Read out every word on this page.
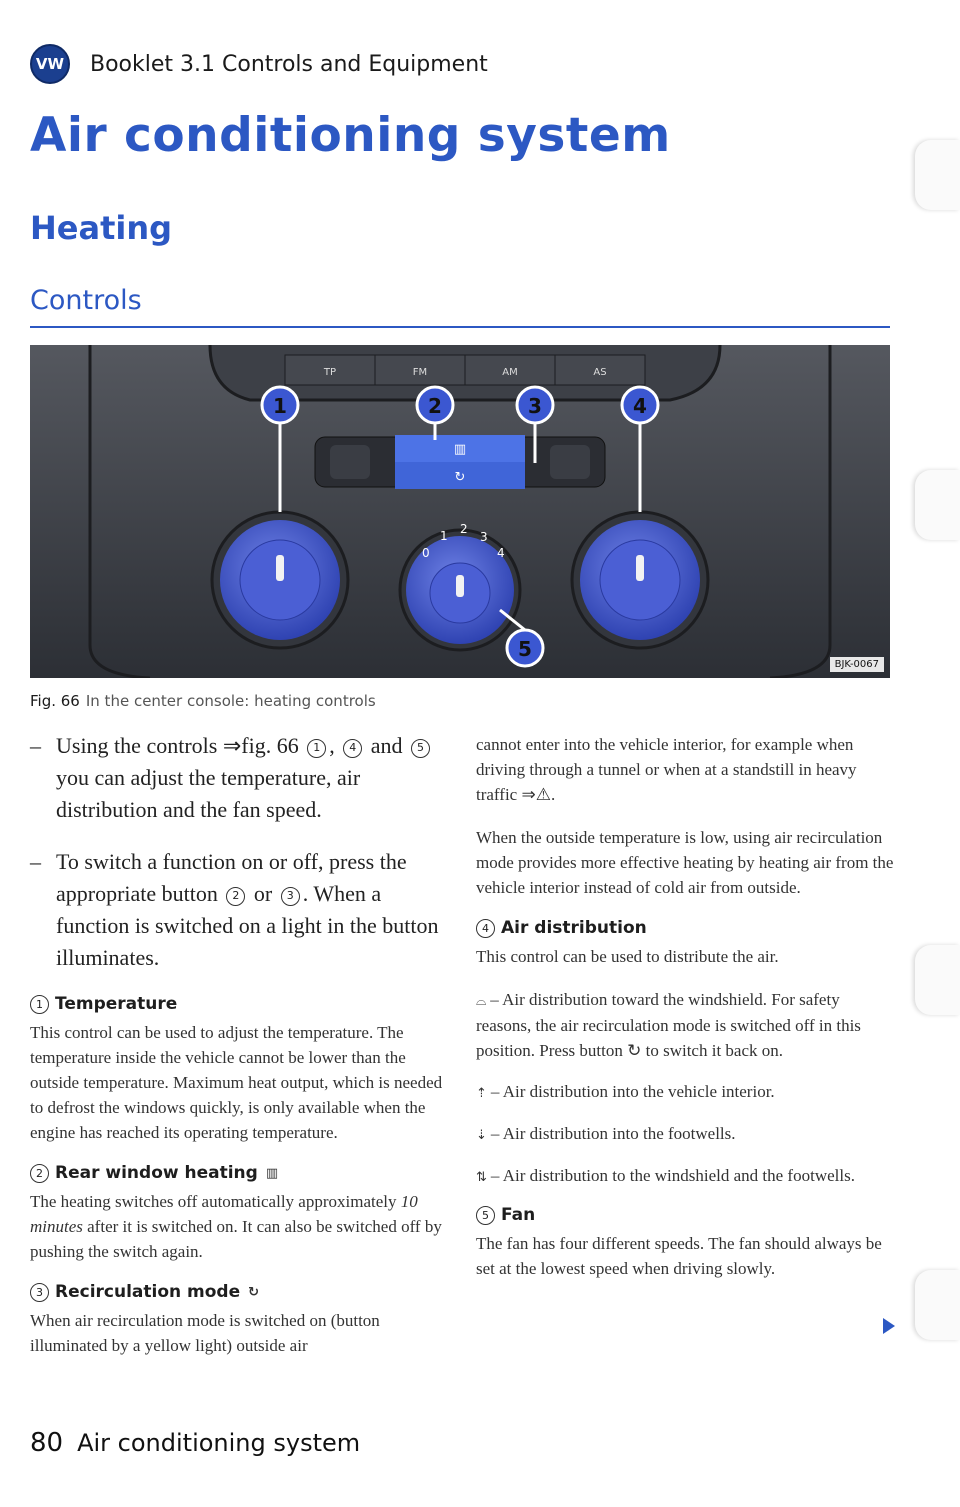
VW Booklet 3.1 Controls and Equipment
Air conditioning system
Heating
Controls
TP	FM	AM	AS
▥
↻
0
1 2
3
4
1	2	3	4
5
BJK-0067
Fig. 66 In the center console: heating controls

– Using the controls ⇒fig. 66 1 , 4 and 5 you can adjust the temperature, air distribution and the fan speed.

– To switch a function on or off, press the appropriate button 2 or 3 . When a function is switched on a light in the button illuminates.

1 Temperature

This control can be used to adjust the temperature. The temperature inside the vehicle cannot be lower than the outside temperature. Maximum heat output, which is needed to defrost the windows quickly, is only available when the engine has reached its operating temperature.

2 Rear window heating ▥

The heating switches off automatically approximately 10 minutes after it is switched on. It can also be switched off by pushing the switch again.

3 Recirculation mode ↻

When air recirculation mode is switched on (button illuminated by a yellow light) outside air

cannot enter into the vehicle interior, for example when driving through a tunnel or when at a standstill in heavy traffic ⇒⚠.

When the outside temperature is low, using air recirculation mode provides more effective heating by heating air from the vehicle interior instead of cold air from outside.

4 Air distribution

This control can be used to distribute the air.

⌓ – Air distribution toward the windshield. For safety reasons, the air recirculation mode is switched off in this position. Press button ↻ to switch it back on.

⇡ – Air distribution into the vehicle interior.

⇣ – Air distribution into the footwells.

⇅ – Air distribution to the windshield and the footwells.

5 Fan

The fan has four different speeds. The fan should always be set at the lowest speed when driving slowly.

80 Air conditioning system
